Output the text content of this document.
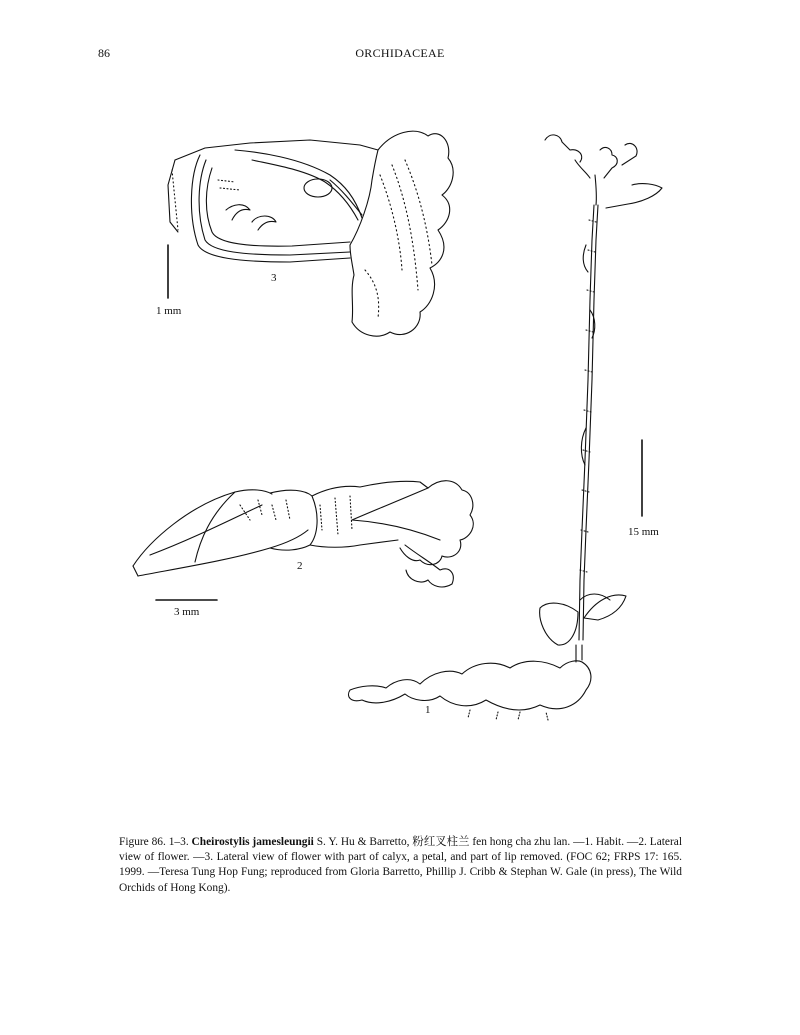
86	ORCHIDACEAE
3
1 mm
2
3 mm
15 mm
1
Figure 86. 1–3. Cheirostylis jamesleungii S. Y. Hu & Barretto, 粉红叉柱兰 fen hong cha zhu lan. —1. Habit. —2. Lateral view of flower. —3. Lateral view of flower with part of calyx, a petal, and part of lip removed. (FOC 62; FRPS 17: 165. 1999. —Teresa Tung Hop Fung; reproduced from Gloria Barretto, Phillip J. Cribb & Stephan W. Gale (in press), The Wild Orchids of Hong Kong).
